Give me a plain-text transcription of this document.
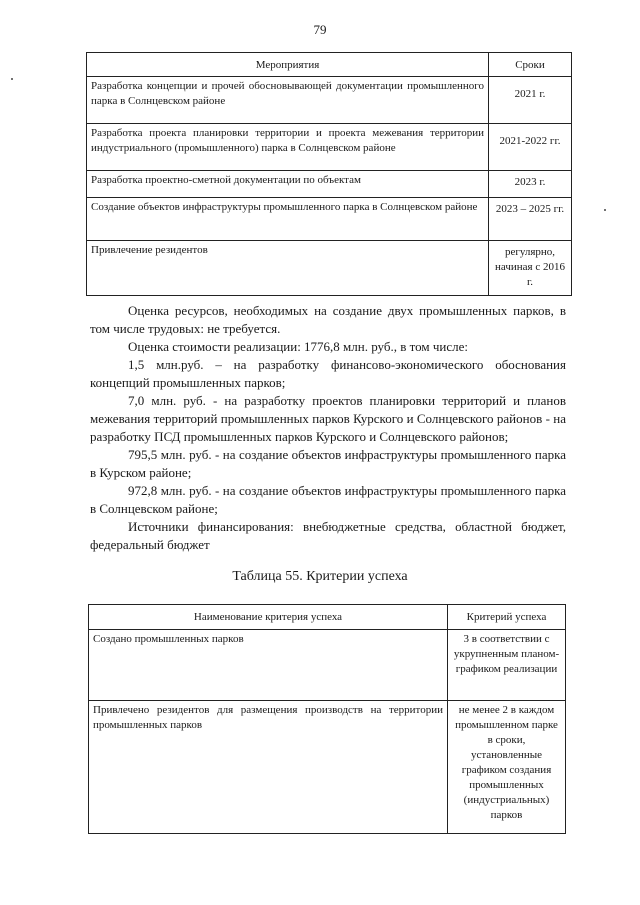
79
Мероприятия	Сроки
Разработка концепции и прочей обосновывающей документации промышленного парка в Солнцевском районе	2021 г.
Разработка проекта планировки территории и проекта межевания территории индустриального (промышленного) парка в Солнцевском районе	2021-2022 гг.
Разработка проектно-сметной документации по объектам	2023 г.
Создание объектов инфраструктуры промышленного парка в Солнцевском районе	2023 – 2025 гг.
Привлечение резидентов	регулярно, начиная с 2016 г.

Оценка ресурсов, необходимых на создание двух промышленных парков, в том числе трудовых: не требуется.

Оценка стоимости реализации: 1776,8 млн. руб., в том числе:

1,5 млн.руб. – на разработку финансово-экономического обоснования концепций промышленных парков;

7,0 млн. руб. - на разработку проектов планировки территорий и планов межевания территорий промышленных парков Курского и Солнцевского районов - на разработку ПСД промышленных парков Курского и Солнцевского районов;

795,5 млн. руб. - на создание объектов инфраструктуры промышленного парка в Курском районе;

972,8 млн. руб. - на создание объектов инфраструктуры промышленного парка в Солнцевском районе;

Источники финансирования: внебюджетные средства, областной бюджет, федеральный бюджет

Таблица 55. Критерии успеха
Наименование критерия успеха	Критерий успеха
Создано промышленных парков	3 в соответствии с укрупненным планом-графиком реализации
Привлечено резидентов для размещения производств на территории промышленных парков	не менее 2 в каждом промышленном парке в сроки, установленные графиком создания промышленных (индустриальных) парков
